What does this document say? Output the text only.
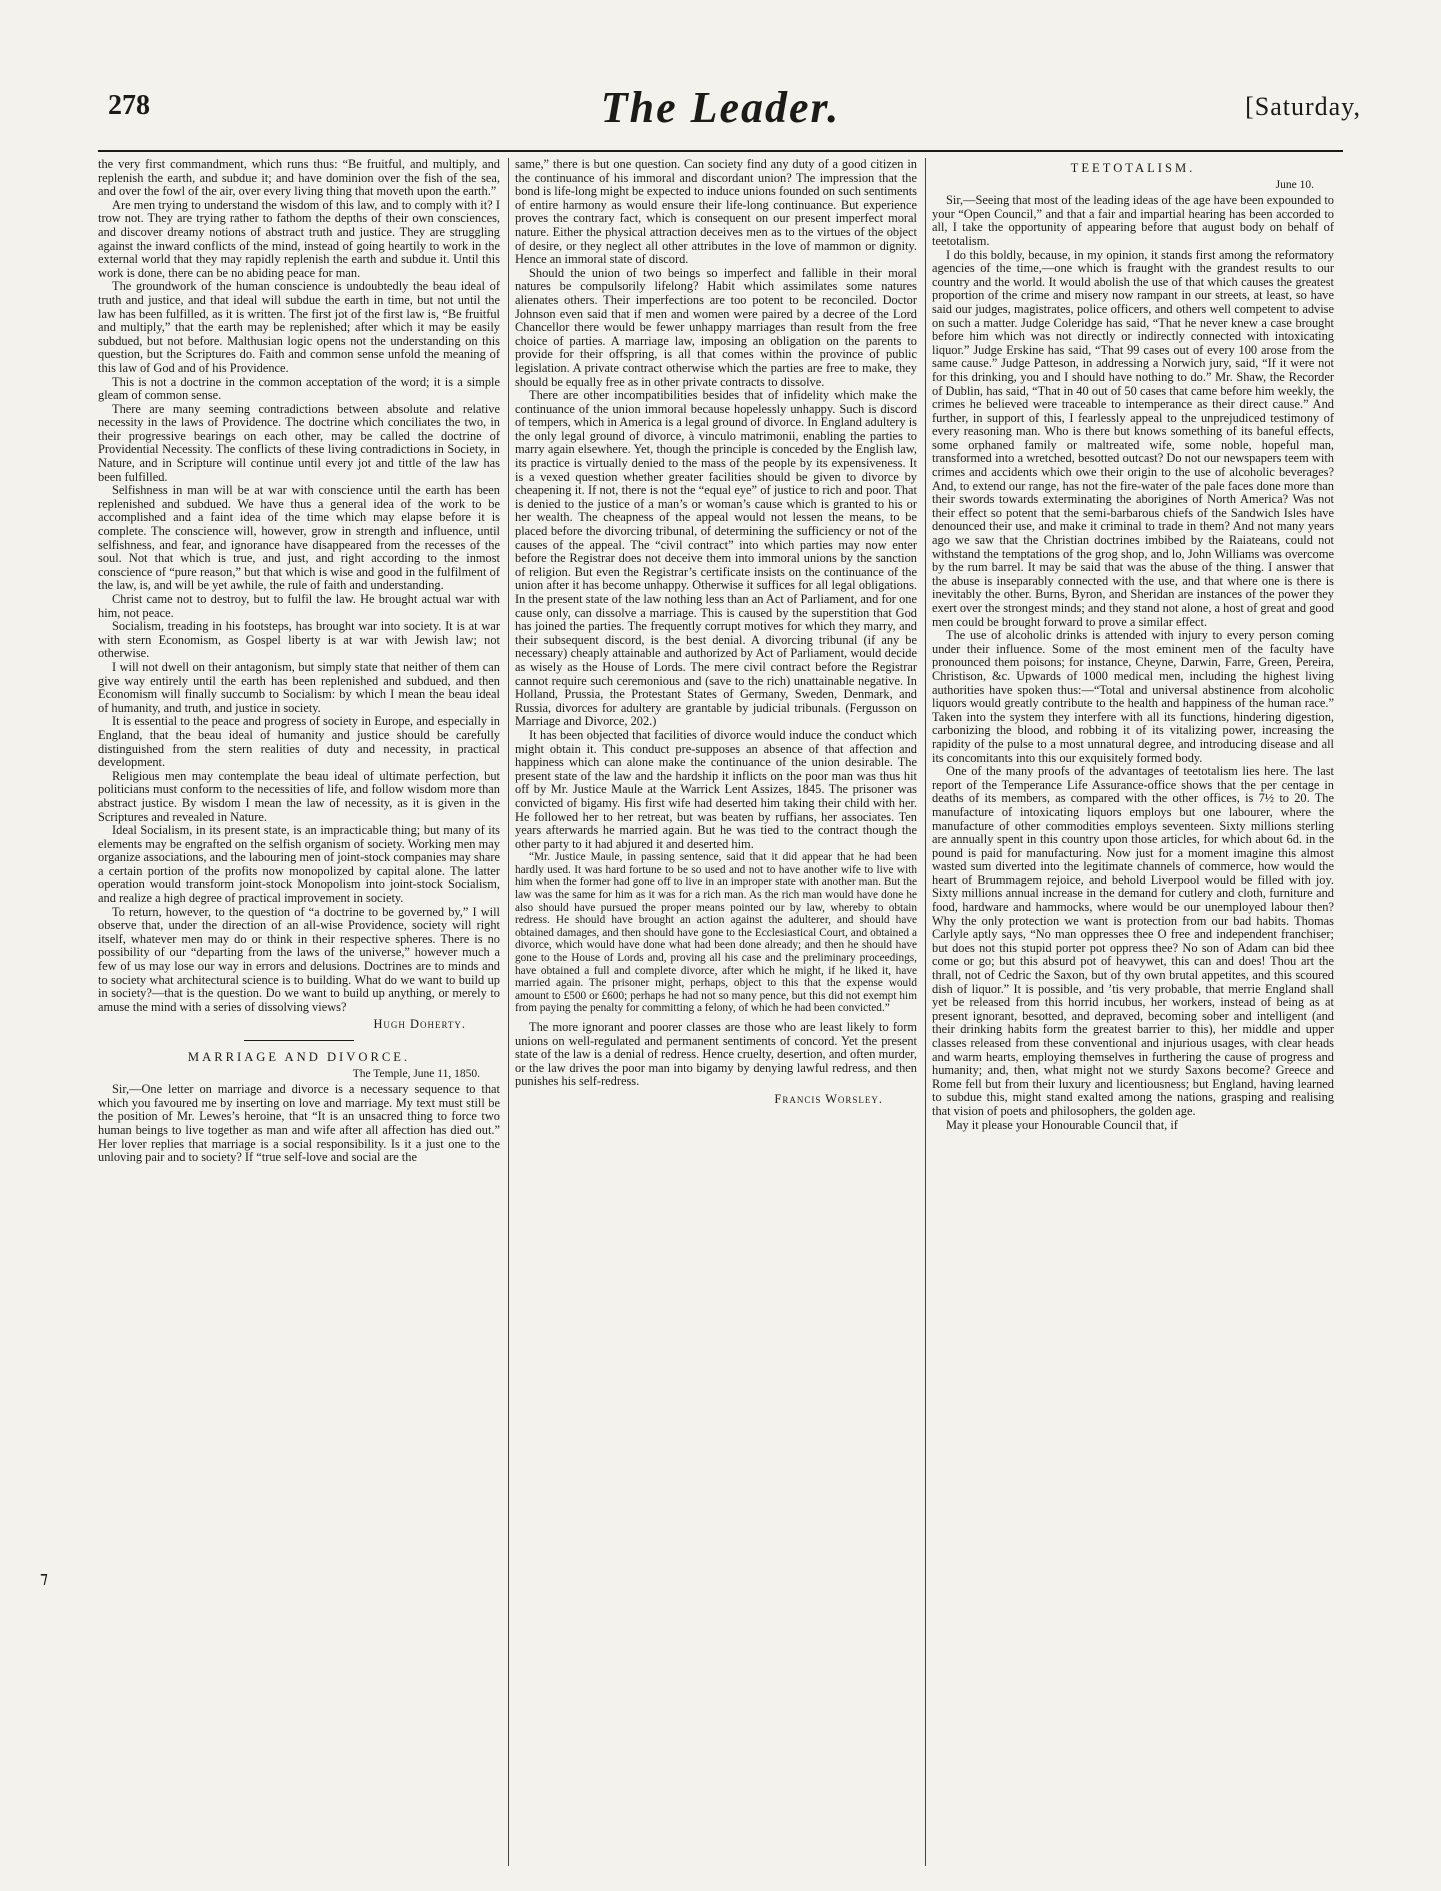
278	The Leader.	[Saturday,
⁊

the very first commandment, which runs thus: “Be fruitful, and multiply, and replenish the earth, and subdue it; and have dominion over the fish of the sea, and over the fowl of the air, over every living thing that moveth upon the earth.”

Are men trying to understand the wisdom of this law, and to comply with it? I trow not. They are trying rather to fathom the depths of their own consciences, and discover dreamy notions of abstract truth and justice. They are struggling against the inward conflicts of the mind, instead of going heartily to work in the external world that they may rapidly replenish the earth and subdue it. Until this work is done, there can be no abiding peace for man.

The groundwork of the human conscience is undoubtedly the beau ideal of truth and justice, and that ideal will subdue the earth in time, but not until the law has been fulfilled, as it is written. The first jot of the first law is, “Be fruitful and multiply,” that the earth may be replenished; after which it may be easily subdued, but not before. Malthusian logic opens not the understanding on this question, but the Scriptures do. Faith and common sense unfold the meaning of this law of God and of his Providence.

This is not a doctrine in the common acceptation of the word; it is a simple gleam of common sense.

There are many seeming contradictions between absolute and relative necessity in the laws of Providence. The doctrine which conciliates the two, in their progressive bearings on each other, may be called the doctrine of Providential Necessity. The conflicts of these living contradictions in Society, in Nature, and in Scripture will continue until every jot and tittle of the law has been fulfilled.

Selfishness in man will be at war with conscience until the earth has been replenished and subdued. We have thus a general idea of the work to be accomplished and a faint idea of the time which may elapse before it is complete. The conscience will, however, grow in strength and influence, until selfishness, and fear, and ignorance have disappeared from the recesses of the soul. Not that which is true, and just, and right according to the inmost conscience of “pure reason,” but that which is wise and good in the fulfilment of the law, is, and will be yet awhile, the rule of faith and understanding.

Christ came not to destroy, but to fulfil the law. He brought actual war with him, not peace.

Socialism, treading in his footsteps, has brought war into society. It is at war with stern Economism, as Gospel liberty is at war with Jewish law; not otherwise.

I will not dwell on their antagonism, but simply state that neither of them can give way entirely until the earth has been replenished and subdued, and then Economism will finally succumb to Socialism: by which I mean the beau ideal of humanity, and truth, and justice in society.

It is essential to the peace and progress of society in Europe, and especially in England, that the beau ideal of humanity and justice should be carefully distinguished from the stern realities of duty and necessity, in practical development.

Religious men may contemplate the beau ideal of ultimate perfection, but politicians must conform to the necessities of life, and follow wisdom more than abstract justice. By wisdom I mean the law of necessity, as it is given in the Scriptures and revealed in Nature.

Ideal Socialism, in its present state, is an impracticable thing; but many of its elements may be engrafted on the selfish organism of society. Working men may organize associations, and the labouring men of joint-stock companies may share a certain portion of the profits now monopolized by capital alone. The latter operation would transform joint-stock Monopolism into joint-stock Socialism, and realize a high degree of practical improvement in society.

To return, however, to the question of “a doctrine to be governed by,” I will observe that, under the direction of an all-wise Providence, society will right itself, whatever men may do or think in their respective spheres. There is no possibility of our “departing from the laws of the universe,” however much a few of us may lose our way in errors and delusions. Doctrines are to minds and to society what architectural science is to building. What do we want to build up in society?—that is the question. Do we want to build up anything, or merely to amuse the mind with a series of dissolving views?

Hugh Doherty.
MARRIAGE AND DIVORCE.
The Temple, June 11, 1850.

Sir,—One letter on marriage and divorce is a necessary sequence to that which you favoured me by inserting on love and marriage. My text must still be the position of Mr. Lewes’s heroine, that “It is an unsacred thing to force two human beings to live together as man and wife after all affection has died out.” Her lover replies that marriage is a social responsibility. Is it a just one to the unloving pair and to society? If “true self-love and social are the

same,” there is but one question. Can society find any duty of a good citizen in the continuance of his immoral and discordant union? The impression that the bond is life-long might be expected to induce unions founded on such sentiments of entire harmony as would ensure their life-long continuance. But experience proves the contrary fact, which is consequent on our present imperfect moral nature. Either the physical attraction deceives men as to the virtues of the object of desire, or they neglect all other attributes in the love of mammon or dignity. Hence an immoral state of discord.

Should the union of two beings so imperfect and fallible in their moral natures be compulsorily lifelong? Habit which assimilates some natures alienates others. Their imperfections are too potent to be reconciled. Doctor Johnson even said that if men and women were paired by a decree of the Lord Chancellor there would be fewer unhappy marriages than result from the free choice of parties. A marriage law, imposing an obligation on the parents to provide for their offspring, is all that comes within the province of public legislation. A private contract otherwise which the parties are free to make, they should be equally free as in other private contracts to dissolve.

There are other incompatibilities besides that of infidelity which make the continuance of the union immoral because hopelessly unhappy. Such is discord of tempers, which in America is a legal ground of divorce. In England adultery is the only legal ground of divorce, à vinculo matrimonii, enabling the parties to marry again elsewhere. Yet, though the principle is conceded by the English law, its practice is virtually denied to the mass of the people by its expensiveness. It is a vexed question whether greater facilities should be given to divorce by cheapening it. If not, there is not the “equal eye” of justice to rich and poor. That is denied to the justice of a man’s or woman’s cause which is granted to his or her wealth. The cheapness of the appeal would not lessen the means, to be placed before the divorcing tribunal, of determining the sufficiency or not of the causes of the appeal. The “civil contract” into which parties may now enter before the Registrar does not deceive them into immoral unions by the sanction of religion. But even the Registrar’s certificate insists on the continuance of the union after it has become unhappy. Otherwise it suffices for all legal obligations. In the present state of the law nothing less than an Act of Parliament, and for one cause only, can dissolve a marriage. This is caused by the superstition that God has joined the parties. The frequently corrupt motives for which they marry, and their subsequent discord, is the best denial. A divorcing tribunal (if any be necessary) cheaply attainable and authorized by Act of Parliament, would decide as wisely as the House of Lords. The mere civil contract before the Registrar cannot require such ceremonious and (save to the rich) unattainable negative. In Holland, Prussia, the Protestant States of Germany, Sweden, Denmark, and Russia, divorces for adultery are grantable by judicial tribunals. (Fergusson on Marriage and Divorce, 202.)

It has been objected that facilities of divorce would induce the conduct which might obtain it. This conduct pre-supposes an absence of that affection and happiness which can alone make the continuance of the union desirable. The present state of the law and the hardship it inflicts on the poor man was thus hit off by Mr. Justice Maule at the Warrick Lent Assizes, 1845. The prisoner was convicted of bigamy. His first wife had deserted him taking their child with her. He followed her to her retreat, but was beaten by ruffians, her associates. Ten years afterwards he married again. But he was tied to the contract though the other party to it had abjured it and deserted him.

“Mr. Justice Maule, in passing sentence, said that it did appear that he had been hardly used. It was hard fortune to be so used and not to have another wife to live with him when the former had gone off to live in an improper state with another man. But the law was the same for him as it was for a rich man. As the rich man would have done he also should have pursued the proper means pointed our by law, whereby to obtain redress. He should have brought an action against the adulterer, and should have obtained damages, and then should have gone to the Ecclesiastical Court, and obtained a divorce, which would have done what had been done already; and then he should have gone to the House of Lords and, proving all his case and the preliminary proceedings, have obtained a full and complete divorce, after which he might, if he liked it, have married again. The prisoner might, perhaps, object to this that the expense would amount to £500 or £600; perhaps he had not so many pence, but this did not exempt him from paying the penalty for committing a felony, of which he had been convicted.”

The more ignorant and poorer classes are those who are least likely to form unions on well-regulated and permanent sentiments of concord. Yet the present state of the law is a denial of redress. Hence cruelty, desertion, and often murder, or the law drives the poor man into bigamy by denying lawful redress, and then punishes his self-redress.

Francis Worsley.
TEETOTALISM.
June 10.

Sir,—Seeing that most of the leading ideas of the age have been expounded to your “Open Council,” and that a fair and impartial hearing has been accorded to all, I take the opportunity of appearing before that august body on behalf of teetotalism.

I do this boldly, because, in my opinion, it stands first among the reformatory agencies of the time,—one which is fraught with the grandest results to our country and the world. It would abolish the use of that which causes the greatest proportion of the crime and misery now rampant in our streets, at least, so have said our judges, magistrates, police officers, and others well competent to advise on such a matter. Judge Coleridge has said, “That he never knew a case brought before him which was not directly or indirectly connected with intoxicating liquor.” Judge Erskine has said, “That 99 cases out of every 100 arose from the same cause.” Judge Patteson, in addressing a Norwich jury, said, “If it were not for this drinking, you and I should have nothing to do.” Mr. Shaw, the Recorder of Dublin, has said, “That in 40 out of 50 cases that came before him weekly, the crimes he believed were traceable to intemperance as their direct cause.” And further, in support of this, I fearlessly appeal to the unprejudiced testimony of every reasoning man. Who is there but knows something of its baneful effects, some orphaned family or maltreated wife, some noble, hopeful man, transformed into a wretched, besotted outcast? Do not our newspapers teem with crimes and accidents which owe their origin to the use of alcoholic beverages? And, to extend our range, has not the fire-water of the pale faces done more than their swords towards exterminating the aborigines of North America? Was not their effect so potent that the semi-barbarous chiefs of the Sandwich Isles have denounced their use, and make it criminal to trade in them? And not many years ago we saw that the Christian doctrines imbibed by the Raiateans, could not withstand the temptations of the grog shop, and lo, John Williams was overcome by the rum barrel. It may be said that was the abuse of the thing. I answer that the abuse is inseparably connected with the use, and that where one is there is inevitably the other. Burns, Byron, and Sheridan are instances of the power they exert over the strongest minds; and they stand not alone, a host of great and good men could be brought forward to prove a similar effect.

The use of alcoholic drinks is attended with injury to every person coming under their influence. Some of the most eminent men of the faculty have pronounced them poisons; for instance, Cheyne, Darwin, Farre, Green, Pereira, Christison, &c. Upwards of 1000 medical men, including the highest living authorities have spoken thus:—“Total and universal abstinence from alcoholic liquors would greatly contribute to the health and happiness of the human race.” Taken into the system they interfere with all its functions, hindering digestion, carbonizing the blood, and robbing it of its vitalizing power, increasing the rapidity of the pulse to a most unnatural degree, and introducing disease and all its concomitants into this our exquisitely formed body.

One of the many proofs of the advantages of teetotalism lies here. The last report of the Temperance Life Assurance-office shows that the per centage in deaths of its members, as compared with the other offices, is 7½ to 20. The manufacture of intoxicating liquors employs but one labourer, where the manufacture of other commodities employs seventeen. Sixty millions sterling are annually spent in this country upon those articles, for which about 6d. in the pound is paid for manufacturing. Now just for a moment imagine this almost wasted sum diverted into the legitimate channels of commerce, how would the heart of Brummagem rejoice, and behold Liverpool would be filled with joy. Sixty millions annual increase in the demand for cutlery and cloth, furniture and food, hardware and hammocks, where would be our unemployed labour then? Why the only protection we want is protection from our bad habits. Thomas Carlyle aptly says, “No man oppresses thee O free and independent franchiser; but does not this stupid porter pot oppress thee? No son of Adam can bid thee come or go; but this absurd pot of heavywet, this can and does! Thou art the thrall, not of Cedric the Saxon, but of thy own brutal appetites, and this scoured dish of liquor.” It is possible, and ’tis very probable, that merrie England shall yet be released from this horrid incubus, her workers, instead of being as at present ignorant, besotted, and depraved, becoming sober and intelligent (and their drinking habits form the greatest barrier to this), her middle and upper classes released from these conventional and injurious usages, with clear heads and warm hearts, employing themselves in furthering the cause of progress and humanity; and, then, what might not we sturdy Saxons become? Greece and Rome fell but from their luxury and licentiousness; but England, having learned to subdue this, might stand exalted among the nations, grasping and realising that vision of poets and philosophers, the golden age.

May it please your Honourable Council that, if
